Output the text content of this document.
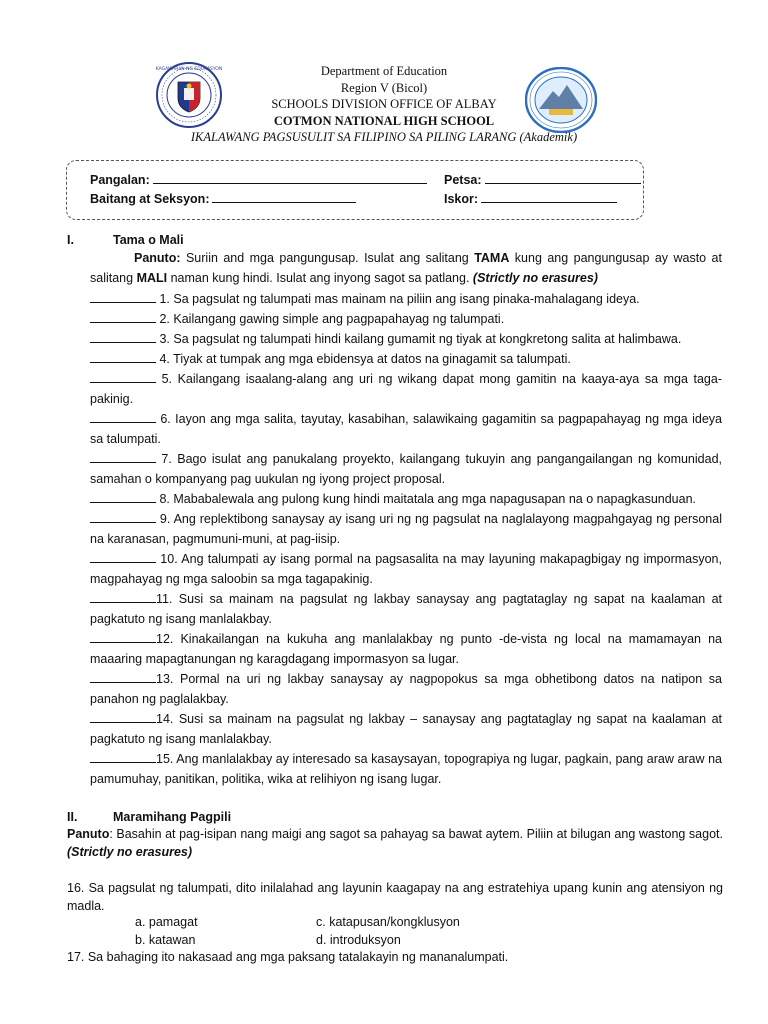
KAGAWARAN NG EDUKASYON	Department of Education
Region V (Bicol)
SCHOOLS DIVISION OFFICE OF ALBAY
COTMON NATIONAL HIGH SCHOOL
IKALAWANG PAGSUSULIT SA FILIPINO SA PILING LARANG (Akademik)
Pangalan:	Petsa:
Baitang at Seksyon:	Iskor:
I.	Tama o Mali
Panuto: Suriin and mga pangungusap. Isulat ang salitang TAMA kung ang pangungusap ay wasto at salitang MALI naman kung hindi. Isulat ang inyong sagot sa patlang. (Strictly no erasures)
1. Sa pagsulat ng talumpati mas mainam na piliin ang isang pinaka-mahalagang ideya.
2. Kailangang gawing simple ang pagpapahayag ng talumpati.
3. Sa pagsulat ng talumpati hindi kailang gumamit ng tiyak at kongkretong salita at halimbawa.
4. Tiyak at tumpak ang mga ebidensya at datos na ginagamit sa talumpati.
5. Kailangang isaalang-alang ang uri ng wikang dapat mong gamitin na kaaya-aya sa mga taga-pakinig.
6. Iayon ang mga salita, tayutay, kasabihan, salawikaing gagamitin sa pagpapahayag ng mga ideya sa talumpati.
7. Bago isulat ang panukalang proyekto, kailangang tukuyin ang pangangailangan ng komunidad, samahan o kompanyang pag uukulan ng iyong project proposal.
8. Mababalewala ang pulong kung hindi maitatala ang mga napagusapan na o napagkasunduan.
9. Ang replektibong sanaysay ay isang uri ng ng pagsulat na naglalayong magpahgayag ng personal na karanasan, pagmumuni-muni, at pag-iisip.
10. Ang talumpati ay isang pormal na pagsasalita na may layuning makapagbigay ng impormasyon, magpahayag ng mga saloobin sa mga tagapakinig.
11. Susi sa mainam na pagsulat ng lakbay sanaysay ang pagtataglay ng sapat na kaalaman at pagkatuto ng isang manlalakbay.
12. Kinakailangan na kukuha ang manlalakbay ng punto -de-vista ng local na mamamayan na maaaring mapagtanungan ng karagdagang impormasyon sa lugar.
13. Pormal na uri ng lakbay sanaysay ay nagpopokus sa mga obhetibong datos na natipon sa panahon ng paglalakbay.
14. Susi sa mainam na pagsulat ng lakbay – sanaysay ang pagtataglay ng sapat na kaalaman at pagkatuto ng isang manlalakbay.
15. Ang manlalakbay ay interesado sa kasaysayan, topograpiya ng lugar, pagkain, pang araw araw na pamumuhay, panitikan, politika, wika at relihiyon ng isang lugar.
II.	Maramihang Pagpili
Panuto: Basahin at pag-isipan nang maigi ang sagot sa pahayag sa bawat aytem. Piliin at bilugan ang wastong sagot. (Strictly no erasures)
16. Sa pagsulat ng talumpati, dito inilalahad ang layunin kaagapay na ang estratehiya upang kunin ang atensiyon ng madla.
a. pamagat	c. katapusan/kongklusyon
b. katawan	d. introduksyon
17. Sa bahaging ito nakasaad ang mga paksang tatalakayin ng mananalumpati.
